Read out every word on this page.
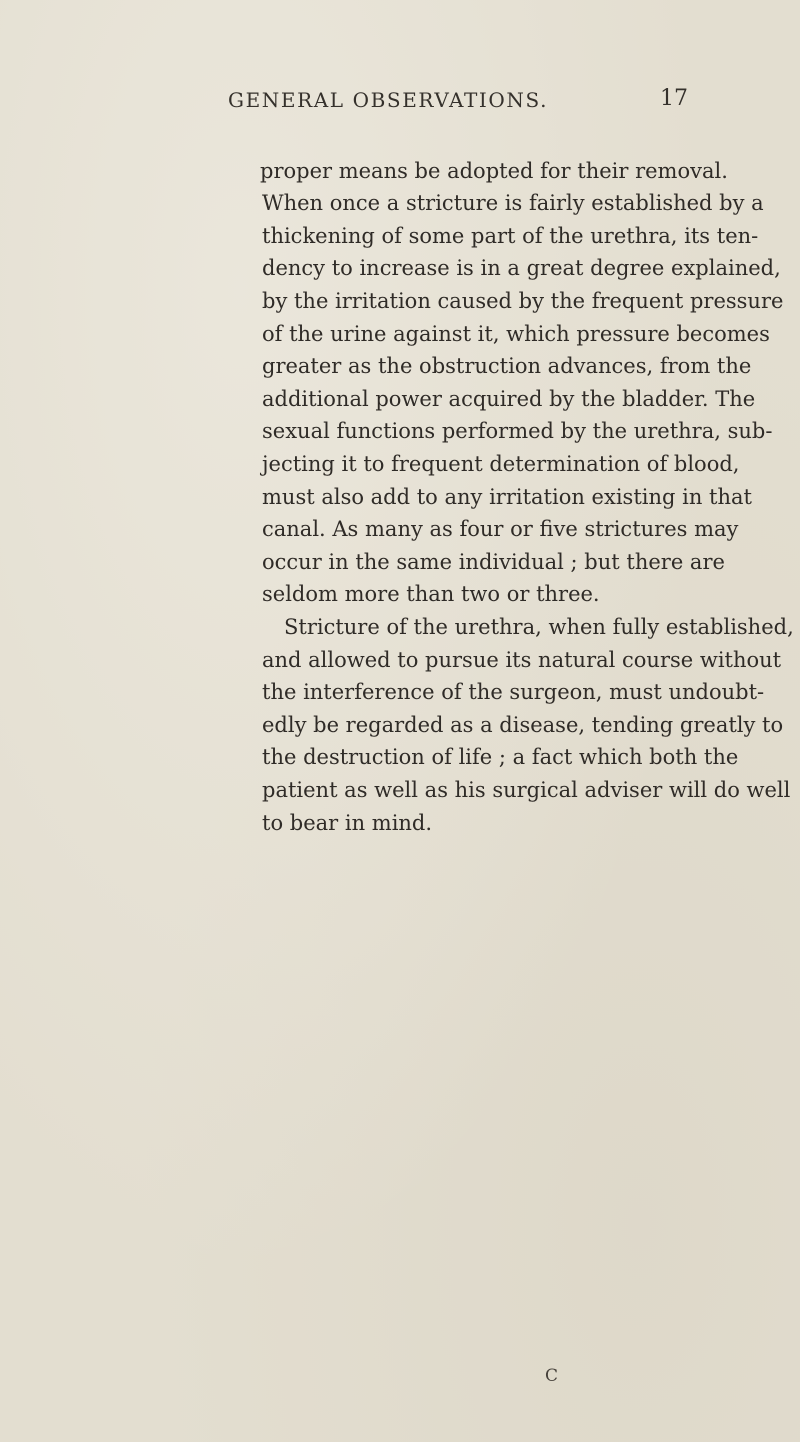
GENERAL OBSERVATIONS.	17
proper means be adopted for their removal.
When once a stricture is fairly established by a
thickening of some part of the urethra, its ten-
dency to increase is in a great degree explained,
by the irritation caused by the frequent pressure
of the urine against it, which pressure becomes
greater as the obstruction advances, from the
additional power acquired by the bladder. The
sexual functions performed by the urethra, sub-
jecting it to frequent determination of blood,
must also add to any irritation existing in that
canal. As many as four or five strictures may
occur in the same individual ; but there are
seldom more than two or three.
Stricture of the urethra, when fully established,
and allowed to pursue its natural course without
the interference of the surgeon, must undoubt-
edly be regarded as a disease, tending greatly to
the destruction of life ; a fact which both the
patient as well as his surgical adviser will do well
to bear in mind.
C
